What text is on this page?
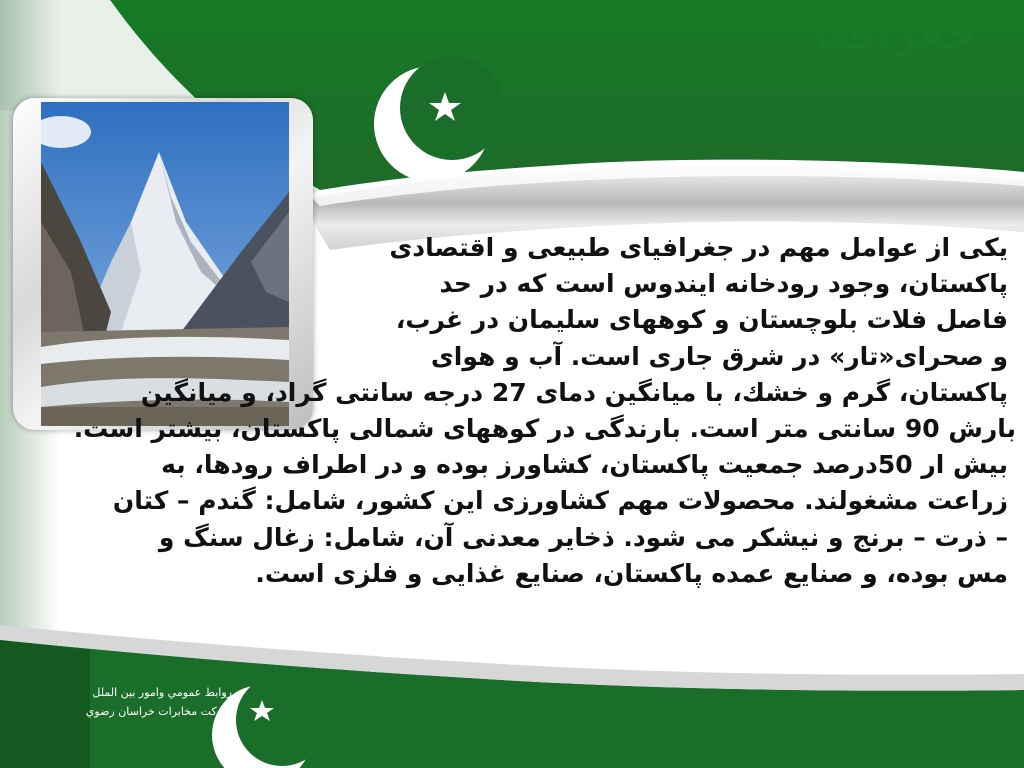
جغرافيا

یکی از عوامل مهم در جغرافیای طبیعی و اقتصادی

پاکستان، وجود رودخانه ایندوس است که در حد

فاصل فلات بلوچستان و کوههای سلیمان در غرب،

و صحرای«تار» در شرق جاری است. آب و هوای

پاکستان، گرم و خشك، با میانگین دمای 27 درجه سانتی گراد، و میانگین

بارش 90 سانتی متر است. بارندگی در کوههای شمالی پاکستان، بیشتر است.

بیش ار 50درصد جمعیت پاکستان، کشاورز بوده و در اطراف رودها، به

زراعت مشغولند. محصولات مهم کشاورزی این کشور، شامل: گندم – کتان

– ذرت – برنج و نیشکر می شود. ذخایر معدنی آن، شامل: زغال سنگ و

مس بوده، و صنایع عمده پاکستان، صنایع غذایی و فلزی است.

روابط عمومي وامور بين الملل
شركت مخابرات خراسان رضوي
